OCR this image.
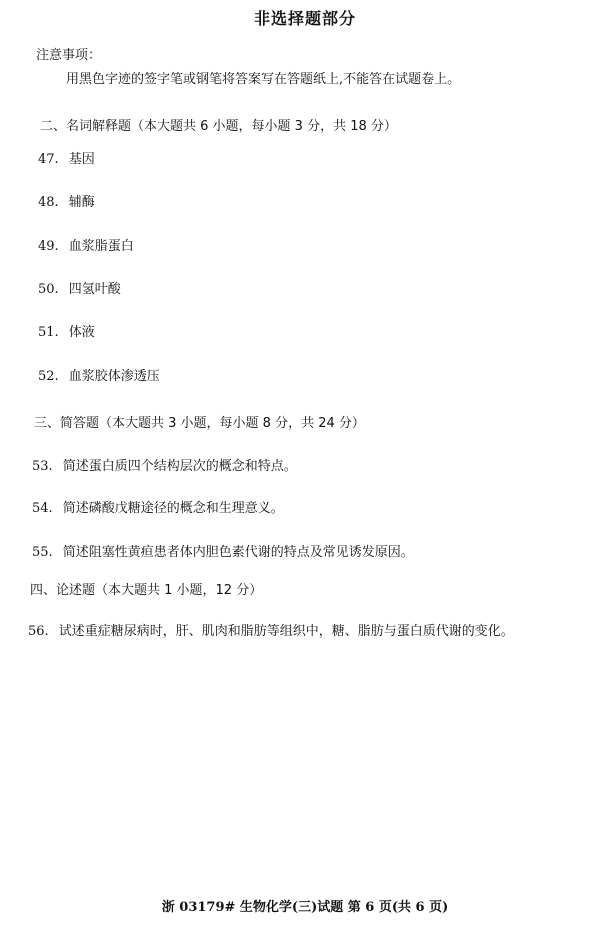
非选择题部分
注意事项：
用黑色字迹的签字笔或钢笔将答案写在答题纸上,不能答在试题卷上。
二、名词解释题（本大题共 6 小题，每小题 3 分，共 18 分）
47. 基因
48. 辅酶
49. 血浆脂蛋白
50. 四氢叶酸
51. 体液
52. 血浆胶体渗透压
三、简答题（本大题共 3 小题，每小题 8 分，共 24 分）
53. 简述蛋白质四个结构层次的概念和特点。
54. 简述磷酸戊糖途径的概念和生理意义。
55. 简述阻塞性黄疸患者体内胆色素代谢的特点及常见诱发原因。
四、论述题（本大题共 1 小题，12 分）
56. 试述重症糖尿病时，肝、肌肉和脂肪等组织中，糖、脂肪与蛋白质代谢的变化。
浙 03179# 生物化学(三)试题 第 6 页(共 6 页)
